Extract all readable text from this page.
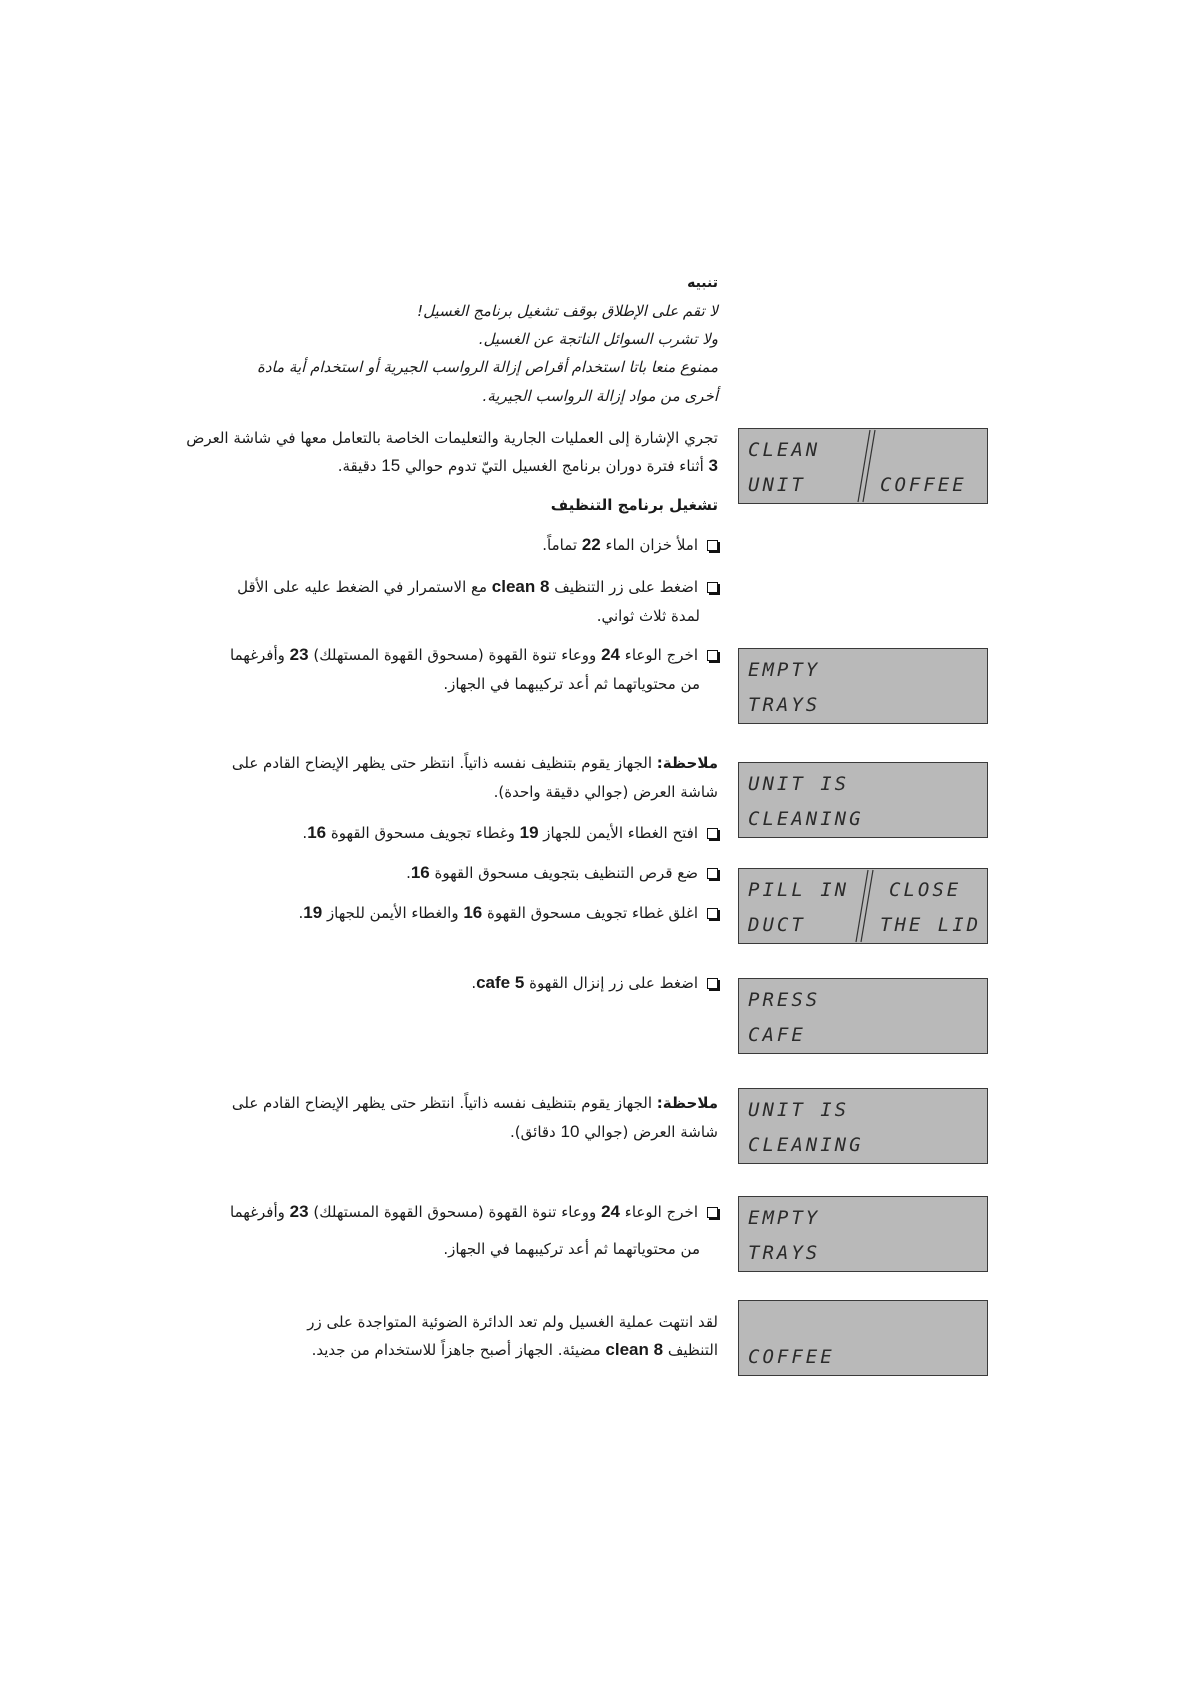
تنبيه
لا تقم على الإطلاق بوقف تشغيل برنامج الغسيل!
ولا تشرب السوائل الناتجة عن الغسيل.
ممنوع منعا باتا استخدام أقراص إزالة الرواسب الجيرية أو استخدام أية مادة
أخرى من مواد إزالة الرواسب الجيرية.
تجري الإشارة إلى العمليات الجارية والتعليمات الخاصة بالتعامل معها في شاشة العرض
3 أثناء فترة دوران برنامج الغسيل التيّ تدوم حوالي 15 دقيقة.
تشغيل برنامج التنظيف
املأ خزان الماء 22 تماماً.
اضغط على زر التنظيف 8 clean مع الاستمرار في الضغط عليه على الأقل
لمدة ثلاث ثواني.
اخرج الوعاء 24 ووعاء تنوة القهوة (مسحوق القهوة المستهلك) 23 وأفرغهما
من محتوياتهما ثم أعد تركيبهما في الجهاز.
ملاحظة: الجهاز يقوم بتنظيف نفسه ذاتياً. انتظر حتى يظهر الإيضاح القادم على
شاشة العرض (جوالي دقيقة واحدة).
افتح الغطاء الأيمن للجهاز 19 وغطاء تجويف مسحوق القهوة 16.
ضع قرص التنظيف بتجويف مسحوق القهوة 16.
اغلق غطاء تجويف مسحوق القهوة 16 والغطاء الأيمن للجهاز 19.
اضغط على زر إنزال القهوة 5 cafe.
ملاحظة: الجهاز يقوم بتنظيف نفسه ذاتياً. انتظر حتى يظهر الإيضاح القادم على
شاشة العرض (جوالي 10 دقائق).
اخرج الوعاء 24 ووعاء تنوة القهوة (مسحوق القهوة المستهلك) 23 وأفرغهما
من محتوياتهما ثم أعد تركيبهما في الجهاز.
لقد انتهت عملية الغسيل ولم تعد الدائرة الضوئية المتواجدة على زر
التنظيف 8 clean مضيئة. الجهاز أصبح جاهزاً للاستخدام من جديد.
CLEAN
UNIT	COFFEE
EMPTY
TRAYS
UNIT IS
CLEANING
PILL IN
DUCT
CLOSE
THE LID
PRESS
CAFE
UNIT IS
CLEANING
EMPTY
TRAYS
COFFEE
